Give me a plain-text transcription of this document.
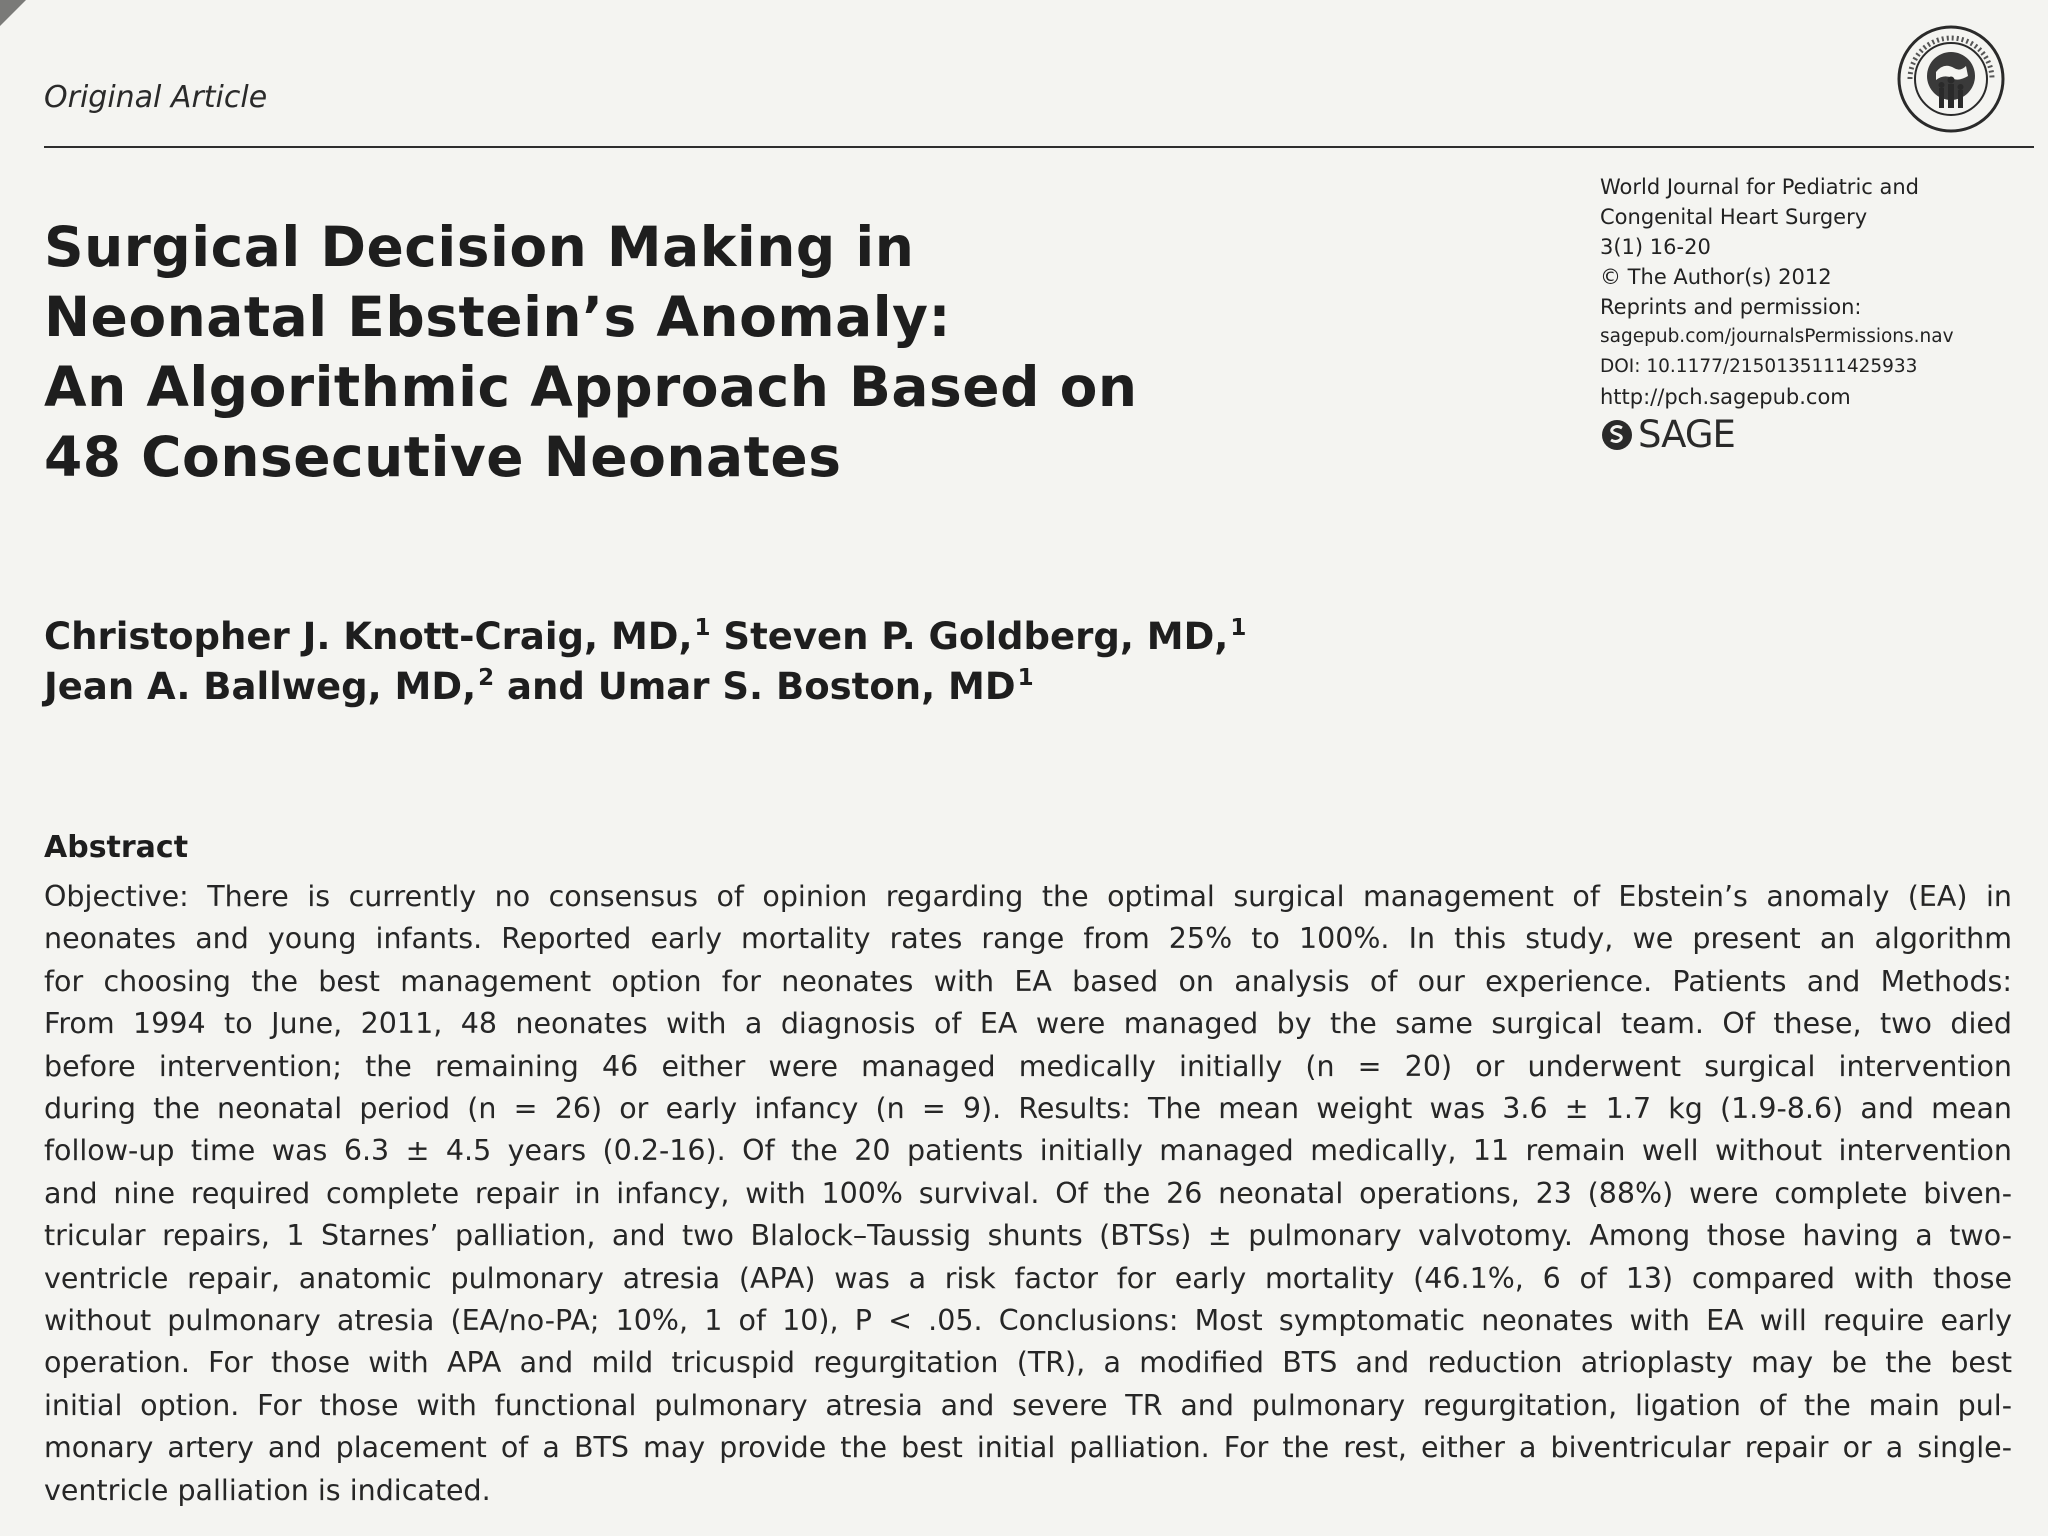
Original Article
Surgical Decision Making in
Neonatal Ebstein’s Anomaly:
An Algorithmic Approach Based on
48 Consecutive Neonates
World Journal for Pediatric and
Congenital Heart Surgery
3(1) 16-20
© The Author(s) 2012
Reprints and permission:
sagepub.com/journalsPermissions.nav
DOI: 10.1177/2150135111425933
http://pch.sagepub.com
SAGE
Christopher J. Knott-Craig, MD,$^1$ Steven P. Goldberg, MD,$^1$
Jean A. Ballweg, MD,$^2$ and Umar S. Boston, $MD^1$
Abstract
Objective: There is currently no consensus of opinion regarding the optimal surgical management of Ebstein’s anomaly (EA) in
neonates and young infants. Reported early mortality rates range from 25% to 100%. In this study, we present an algorithm
for choosing the best management option for neonates with EA based on analysis of our experience. Patients and Methods:
From 1994 to June, 2011, 48 neonates with a diagnosis of EA were managed by the same surgical team. Of these, two died
before intervention; the remaining 46 either were managed medically initially (n = 20) or underwent surgical intervention
during the neonatal period (n = 26) or early infancy (n = 9). Results: The mean weight was 3.6 ± 1.7 kg (1.9-8.6) and mean
follow-up time was 6.3 ± 4.5 years (0.2-16). Of the 20 patients initially managed medically, 11 remain well without intervention
and nine required complete repair in infancy, with 100% survival. Of the 26 neonatal operations, 23 (88%) were complete biven-
tricular repairs, 1 Starnes’ palliation, and two Blalock–Taussig shunts (BTSs) ± pulmonary valvotomy. Among those having a two-
ventricle repair, anatomic pulmonary atresia (APA) was a risk factor for early mortality (46.1%, 6 of 13) compared with those
without pulmonary atresia (EA/no-PA; 10%, 1 of 10), P < .05. Conclusions: Most symptomatic neonates with EA will require early
operation. For those with APA and mild tricuspid regurgitation (TR), a modified BTS and reduction atrioplasty may be the best
initial option. For those with functional pulmonary atresia and severe TR and pulmonary regurgitation, ligation of the main pul-
monary artery and placement of a BTS may provide the best initial palliation. For the rest, either a biventricular repair or a single-
ventricle palliation is indicated.
